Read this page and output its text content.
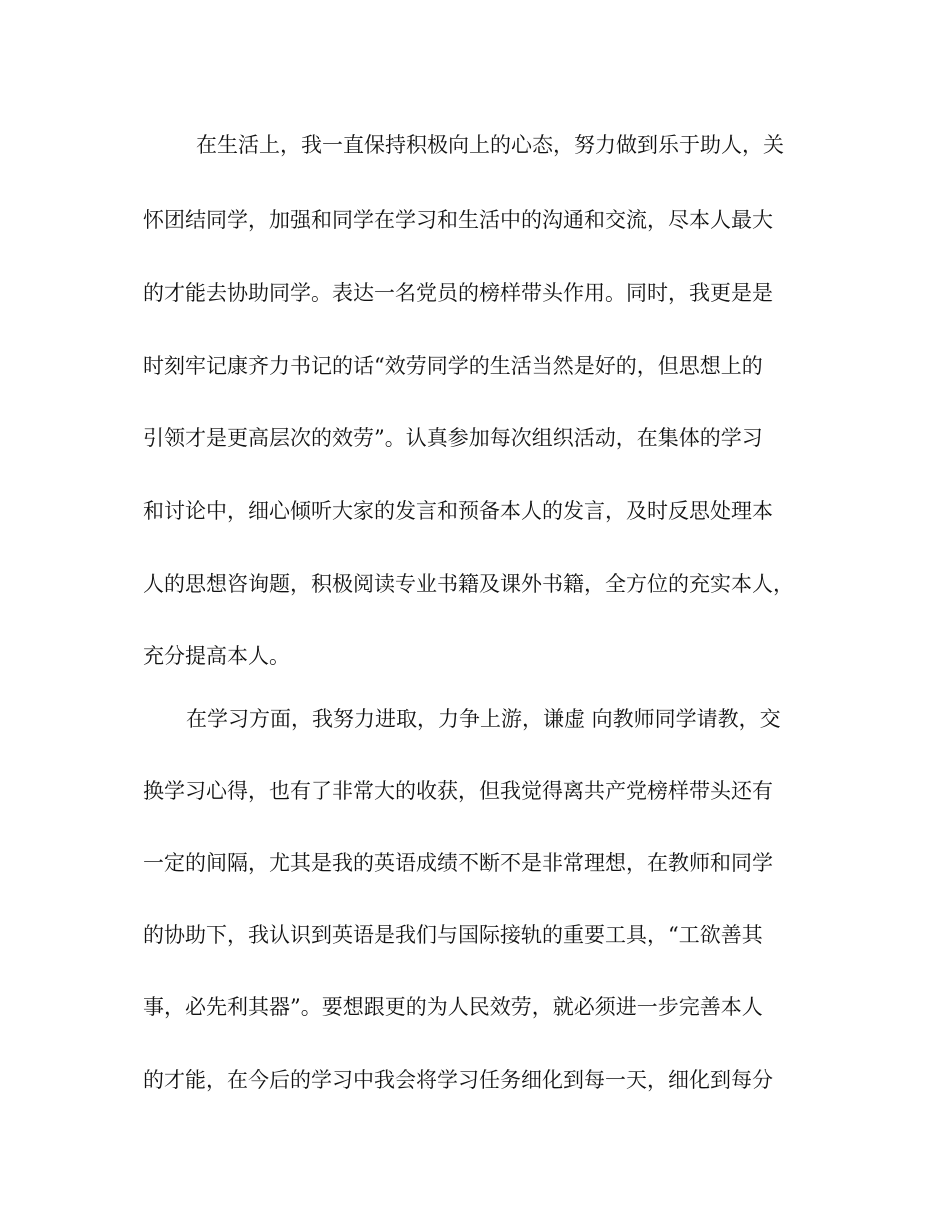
在生活上，我一直保持积极向上的心态，努力做到乐于助人，关
怀团结同学，加强和同学在学习和生活中的沟通和交流，尽本人最大
的才能去协助同学。表达一名党员的榜样带头作用。同时，我更是是
时刻牢记康齐力书记的话“效劳同学的生活当然是好的，但思想上的
引领才是更高层次的效劳”。认真参加每次组织活动，在集体的学习
和讨论中，细心倾听大家的发言和预备本人的发言，及时反思处理本
人的思想咨询题，积极阅读专业书籍及课外书籍，全方位的充实本人，
充分提高本人。
在学习方面，我努力进取，力争上游，谦虚 向教师同学请教，交
换学习心得，也有了非常大的收获，但我觉得离共产党榜样带头还有
一定的间隔，尤其是我的英语成绩不断不是非常理想，在教师和同学
的协助下，我认识到英语是我们与国际接轨的重要工具，“工欲善其
事，必先利其器”。要想跟更的为人民效劳，就必须进一步完善本人
的才能，在今后的学习中我会将学习任务细化到每一天，细化到每分
